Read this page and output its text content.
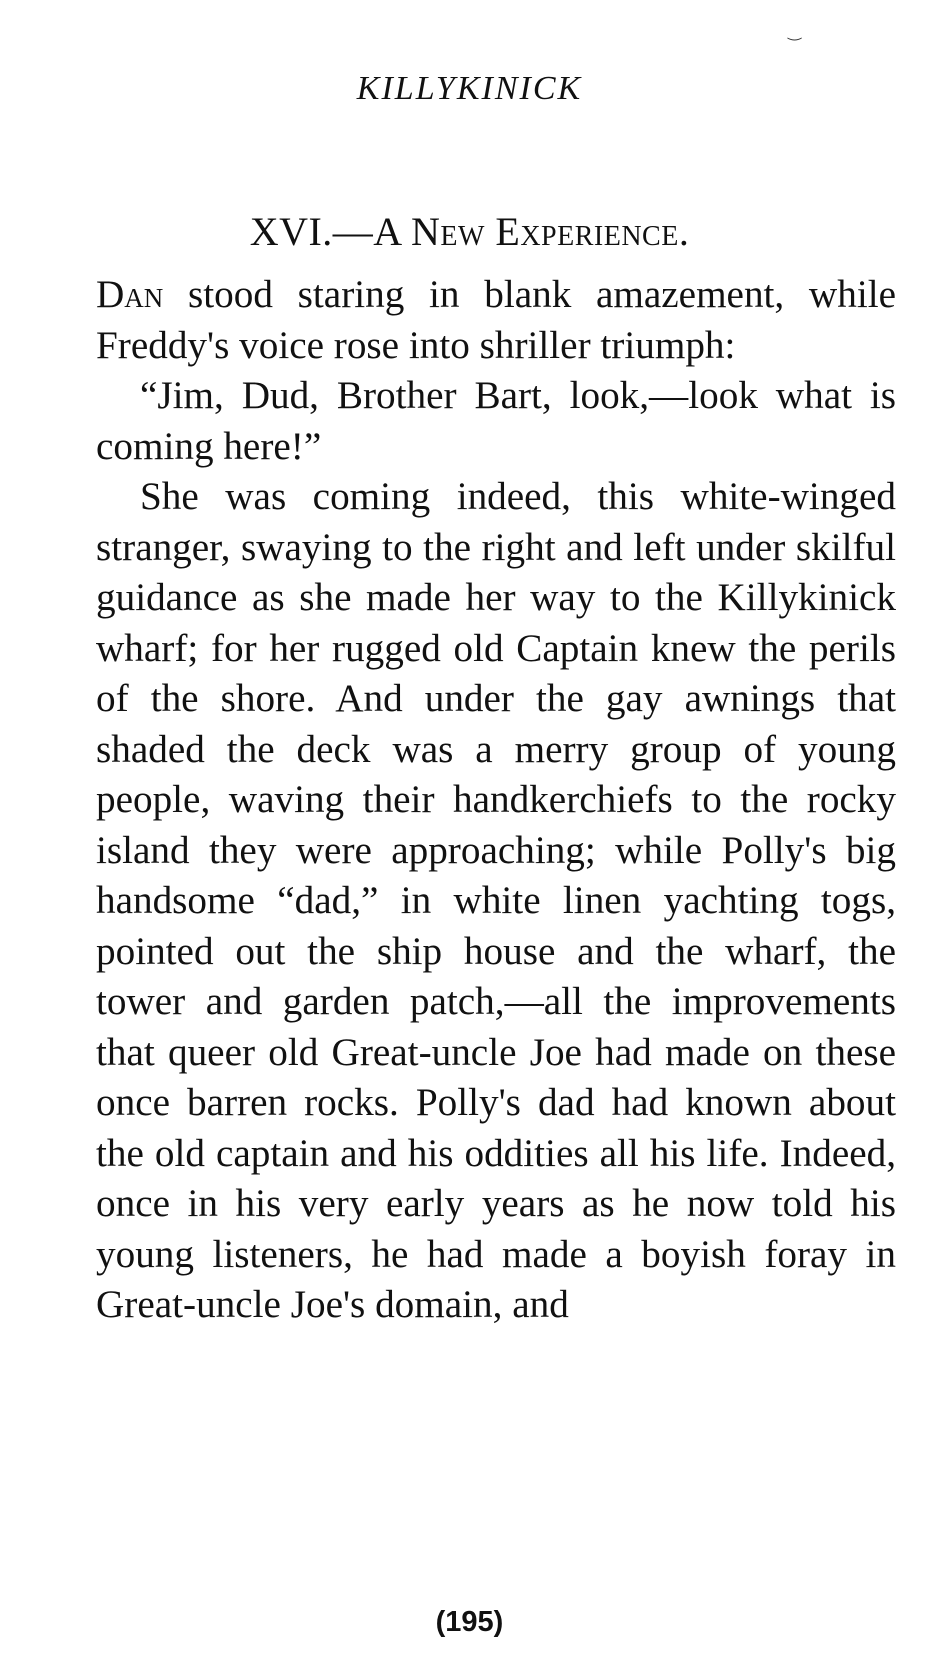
‿
KILLYKINICK
XVI.—A New Experience.

Dan stood staring in blank amazement, while Freddy's voice rose into shriller triumph:

“Jim, Dud, Brother Bart, look,—look what is coming here!”

She was coming indeed, this white-winged stranger, swaying to the right and left under skilful guidance as she made her way to the Killykinick wharf; for her rugged old Captain knew the perils of the shore. And under the gay awnings that shaded the deck was a merry group of young people, waving their handkerchiefs to the rocky island they were approaching; while Polly's big handsome “dad,” in white linen yachting togs, pointed out the ship house and the wharf, the tower and garden patch,—all the improvements that queer old Great-uncle Joe had made on these once barren rocks. Polly's dad had known about the old captain and his oddities all his life. Indeed, once in his very early years as he now told his young listeners, he had made a boyish foray in Great-uncle Joe's domain, and

(195)
